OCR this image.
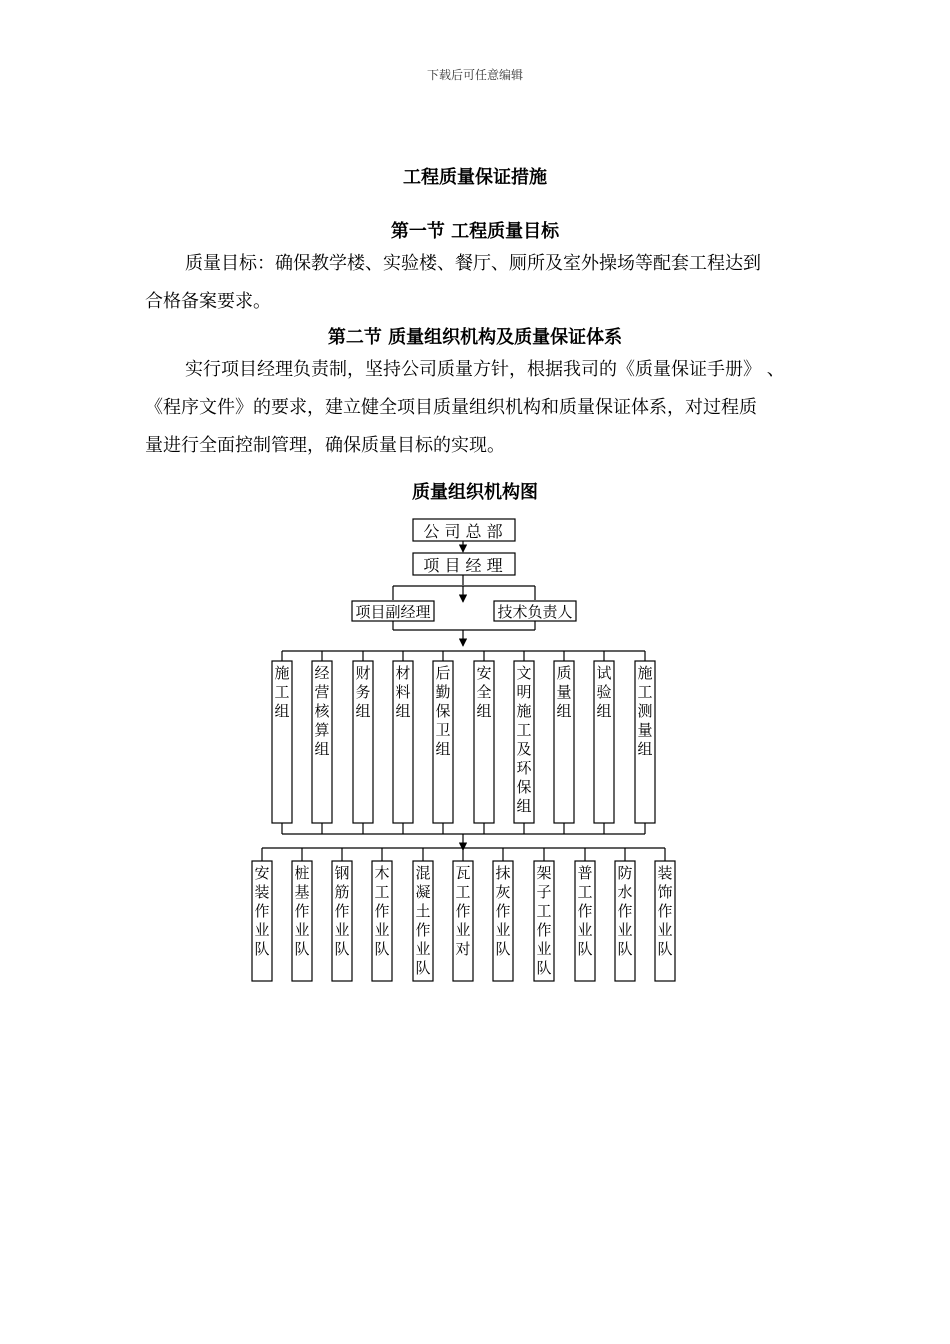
下载后可任意编辑
工程质量保证措施
第一节 工程质量目标

质量目标：确保教学楼、实验楼、餐厅、厕所及室外操场等配套工程达到
合格备案要求。

第二节 质量组织机构及质量保证体系

实行项目经理负责制，坚持公司质量方针，根据我司的《质量保证手册》 、
《程序文件》的要求，建立健全项目质量组织机构和质量保证体系，对过程质
量进行全面控制管理，确保质量目标的实现。

质量组织机构图
公 司 总 部
项 目 经 理
项目副经理	技术负责人
施工组
经营核算组
财务组
材料组
后勤保卫组
安全组
文明施工及环保组
质量组
试验组
施工测量组
安装作业队
桩基作业队
钢筋作业队
木工作业队
混凝土作业队
瓦工作业对
抹灰作业队
架子工作业队
普工作业队
防水作业队
装饰作业队
